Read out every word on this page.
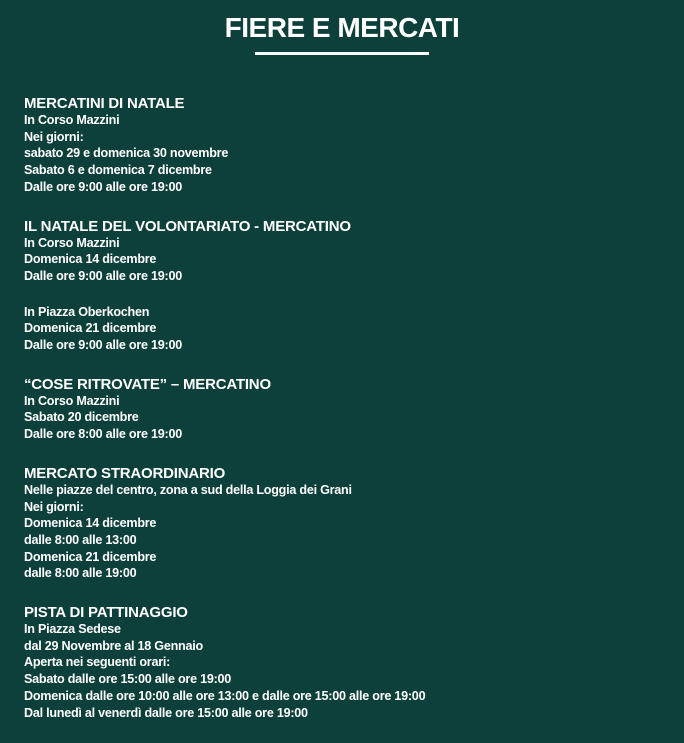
FIERE E MERCATI
MERCATINI DI NATALE
In Corso Mazzini
Nei giorni:
sabato 29 e domenica 30 novembre
Sabato 6 e domenica 7 dicembre
Dalle ore 9:00 alle ore 19:00
IL NATALE DEL VOLONTARIATO - MERCATINO
In Corso Mazzini
Domenica 14 dicembre
Dalle ore 9:00 alle ore 19:00
In Piazza Oberkochen
Domenica 21 dicembre
Dalle ore 9:00 alle ore 19:00
“COSE RITROVATE” – MERCATINO
In Corso Mazzini
Sabato 20 dicembre
Dalle ore 8:00 alle ore 19:00
MERCATO STRAORDINARIO
Nelle piazze del centro, zona a sud della Loggia dei Grani
Nei giorni:
Domenica 14 dicembre
dalle 8:00 alle 13:00
Domenica 21 dicembre
dalle 8:00 alle 19:00
PISTA DI PATTINAGGIO
In Piazza Sedese
dal 29 Novembre al 18 Gennaio
Aperta nei seguenti orari:
Sabato dalle ore 15:00 alle ore 19:00
Domenica dalle ore 10:00 alle ore 13:00 e dalle ore 15:00 alle ore 19:00
Dal lunedì al venerdì dalle ore 15:00 alle ore 19:00
